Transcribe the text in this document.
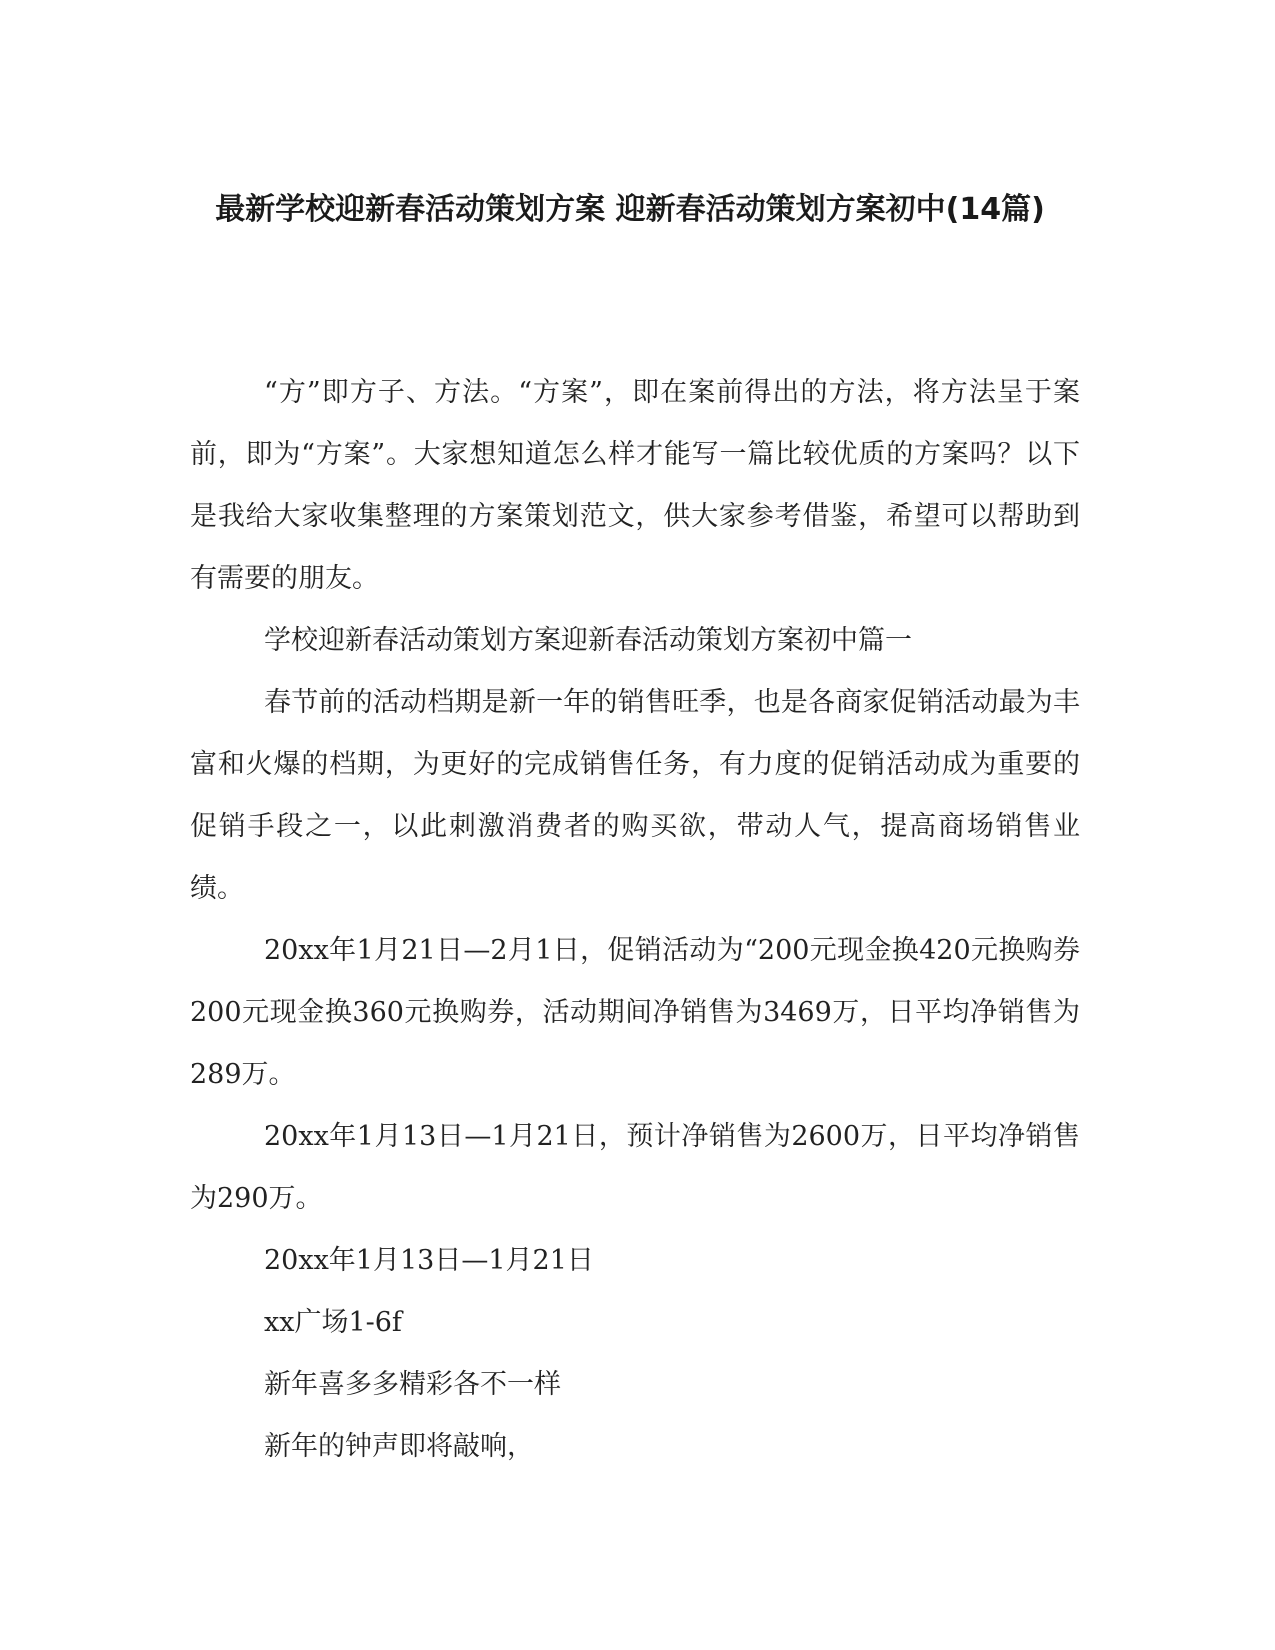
最新学校迎新春活动策划方案 迎新春活动策划方案初中(14篇)

“方”即方子、方法。“方案”，即在案前得出的方法，将方法呈于案前，即为“方案”。大家想知道怎么样才能写一篇比较优质的方案吗？以下是我给大家收集整理的方案策划范文，供大家参考借鉴，希望可以帮助到有需要的朋友。

学校迎新春活动策划方案迎新春活动策划方案初中篇一

春节前的活动档期是新一年的销售旺季，也是各商家促销活动最为丰富和火爆的档期，为更好的完成销售任务，有力度的促销活动成为重要的促销手段之一，以此刺激消费者的购买欲，带动人气，提高商场销售业绩。

20xx年1月21日—2月1日，促销活动为“200元现金换420元换购券200元现金换360元换购券，活动期间净销售为3469万，日平均净销售为289万。

20xx年1月13日—1月21日，预计净销售为2600万，日平均净销售为290万。

20xx年1月13日—1月21日

xx广场1-6f

新年喜多多精彩各不一样

新年的钟声即将敲响，
